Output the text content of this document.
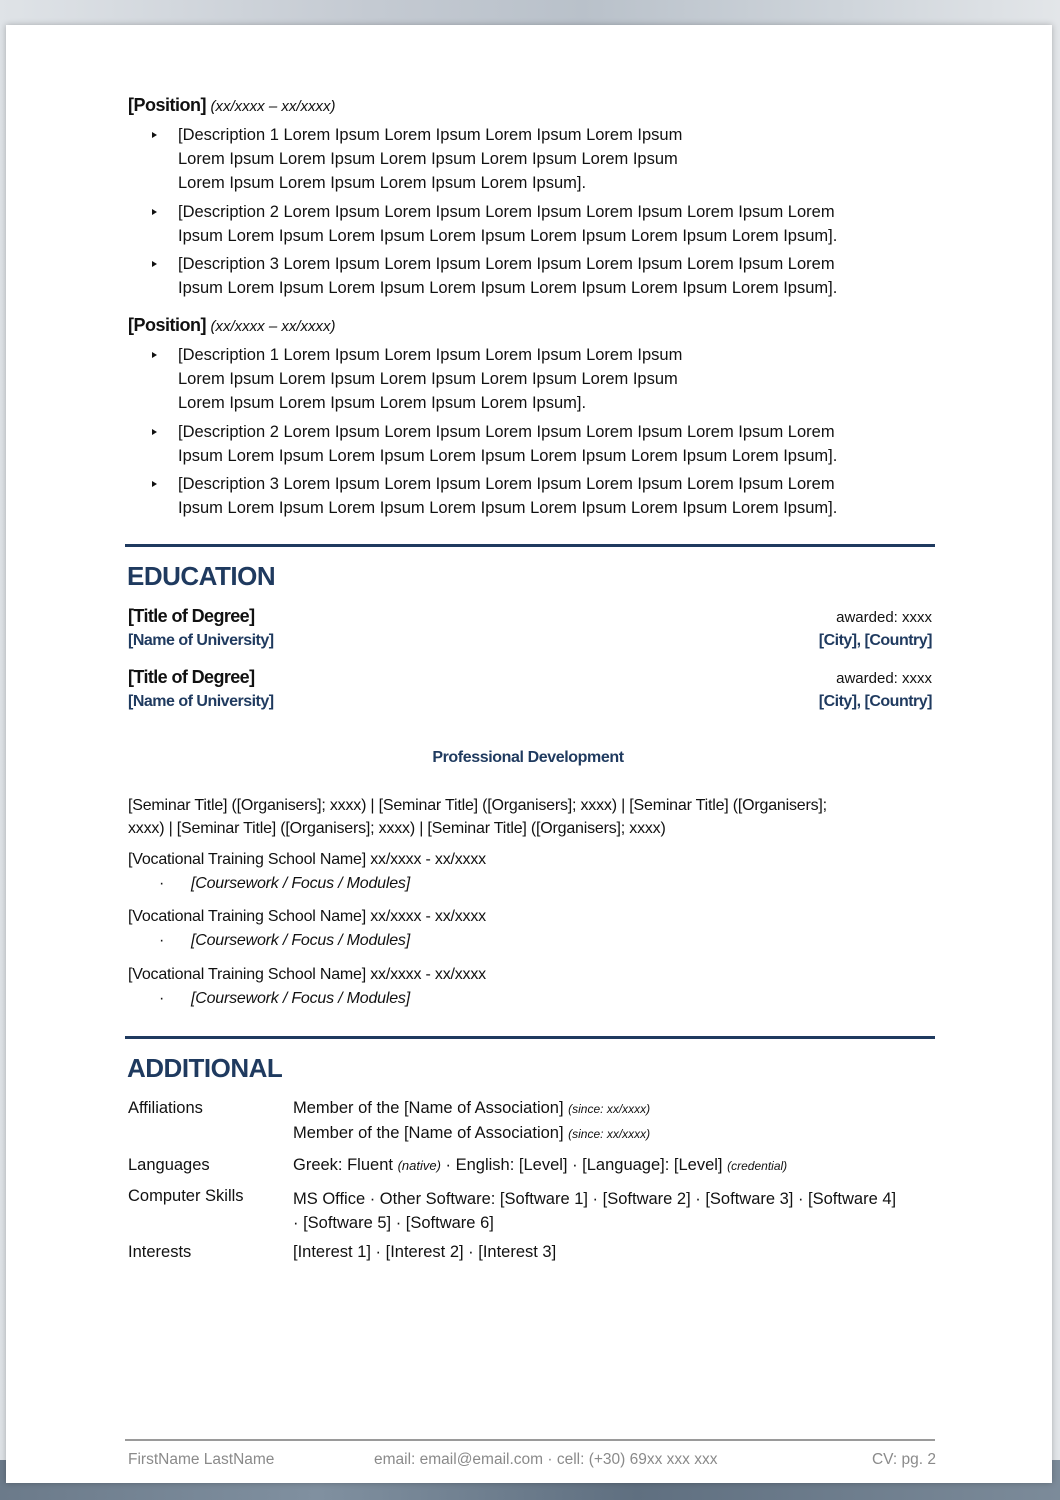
[Position] (xx/xxxx – xx/xxxx)
[Description 1 Lorem Ipsum Lorem Ipsum Lorem Ipsum Lorem Ipsum
Lorem Ipsum Lorem Ipsum Lorem Ipsum Lorem Ipsum Lorem Ipsum
Lorem Ipsum Lorem Ipsum Lorem Ipsum Lorem Ipsum].
[Description 2 Lorem Ipsum Lorem Ipsum Lorem Ipsum Lorem Ipsum Lorem Ipsum Lorem
Ipsum Lorem Ipsum Lorem Ipsum Lorem Ipsum Lorem Ipsum Lorem Ipsum Lorem Ipsum].
[Description 3 Lorem Ipsum Lorem Ipsum Lorem Ipsum Lorem Ipsum Lorem Ipsum Lorem
Ipsum Lorem Ipsum Lorem Ipsum Lorem Ipsum Lorem Ipsum Lorem Ipsum Lorem Ipsum].
[Position] (xx/xxxx – xx/xxxx)
[Description 1 Lorem Ipsum Lorem Ipsum Lorem Ipsum Lorem Ipsum
Lorem Ipsum Lorem Ipsum Lorem Ipsum Lorem Ipsum Lorem Ipsum
Lorem Ipsum Lorem Ipsum Lorem Ipsum Lorem Ipsum].
[Description 2 Lorem Ipsum Lorem Ipsum Lorem Ipsum Lorem Ipsum Lorem Ipsum Lorem
Ipsum Lorem Ipsum Lorem Ipsum Lorem Ipsum Lorem Ipsum Lorem Ipsum Lorem Ipsum].
[Description 3 Lorem Ipsum Lorem Ipsum Lorem Ipsum Lorem Ipsum Lorem Ipsum Lorem
Ipsum Lorem Ipsum Lorem Ipsum Lorem Ipsum Lorem Ipsum Lorem Ipsum Lorem Ipsum].
EDUCATION
[Title of Degree]	awarded: xxxx
[Name of University]	[City], [Country]
[Title of Degree]	awarded: xxxx
[Name of University]	[City], [Country]
Professional Development
[Seminar Title] ([Organisers]; xxxx) | [Seminar Title] ([Organisers]; xxxx) | [Seminar Title] ([Organisers];
xxxx) | [Seminar Title] ([Organisers]; xxxx) | [Seminar Title] ([Organisers]; xxxx)
[Vocational Training School Name] xx/xxxx - xx/xxxx
· [Coursework / Focus / Modules]
[Vocational Training School Name] xx/xxxx - xx/xxxx
· [Coursework / Focus / Modules]
[Vocational Training School Name] xx/xxxx - xx/xxxx
· [Coursework / Focus / Modules]
ADDITIONAL
Affiliations	Member of the [Name of Association] (since: xx/xxxx)
Member of the [Name of Association] (since: xx/xxxx)
Languages	Greek: Fluent (native) · English: [Level] · [Language]: [Level] (credential)
Computer Skills	MS Office · Other Software: [Software 1] · [Software 2] · [Software 3] · [Software 4]
· [Software 5] · [Software 6]
Interests	[Interest 1] · [Interest 2] · [Interest 3]
FirstName LastName	email: email@email.com · cell: (+30) 69xx xxx xxx	CV: pg. 2
